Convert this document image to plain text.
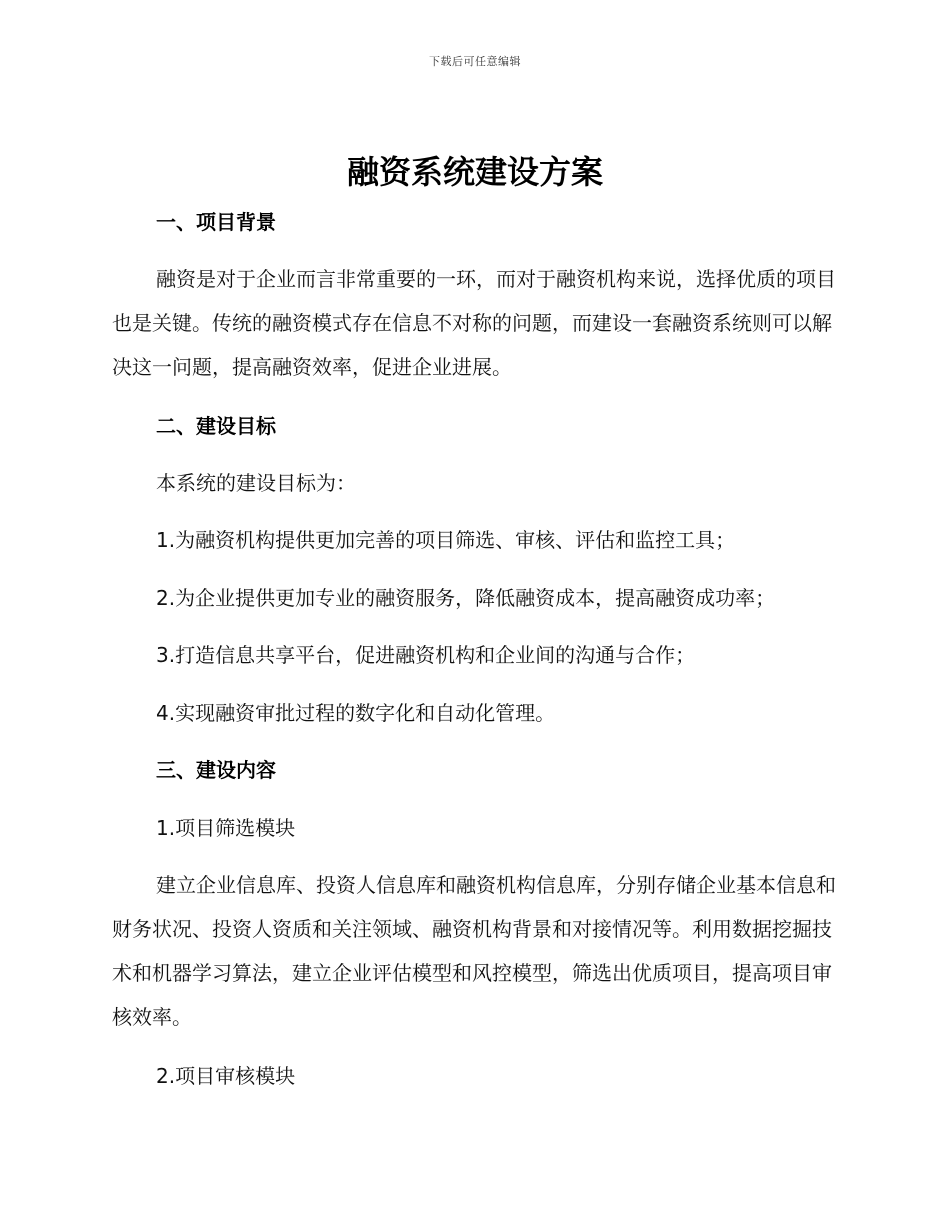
下载后可任意编辑
融资系统建设方案
一、项目背景

融资是对于企业而言非常重要的一环，而对于融资机构来说，选择优质的项目也是关键。传统的融资模式存在信息不对称的问题，而建设一套融资系统则可以解决这一问题，提高融资效率，促进企业进展。

二、建设目标
本系统的建设目标为：
1.为融资机构提供更加完善的项目筛选、审核、评估和监控工具；
2.为企业提供更加专业的融资服务，降低融资成本，提高融资成功率；
3.打造信息共享平台，促进融资机构和企业间的沟通与合作；
4.实现融资审批过程的数字化和自动化管理。
三、建设内容
1.项目筛选模块

建立企业信息库、投资人信息库和融资机构信息库，分别存储企业基本信息和财务状况、投资人资质和关注领域、融资机构背景和对接情况等。利用数据挖掘技术和机器学习算法，建立企业评估模型和风控模型，筛选出优质项目，提高项目审核效率。

2.项目审核模块
